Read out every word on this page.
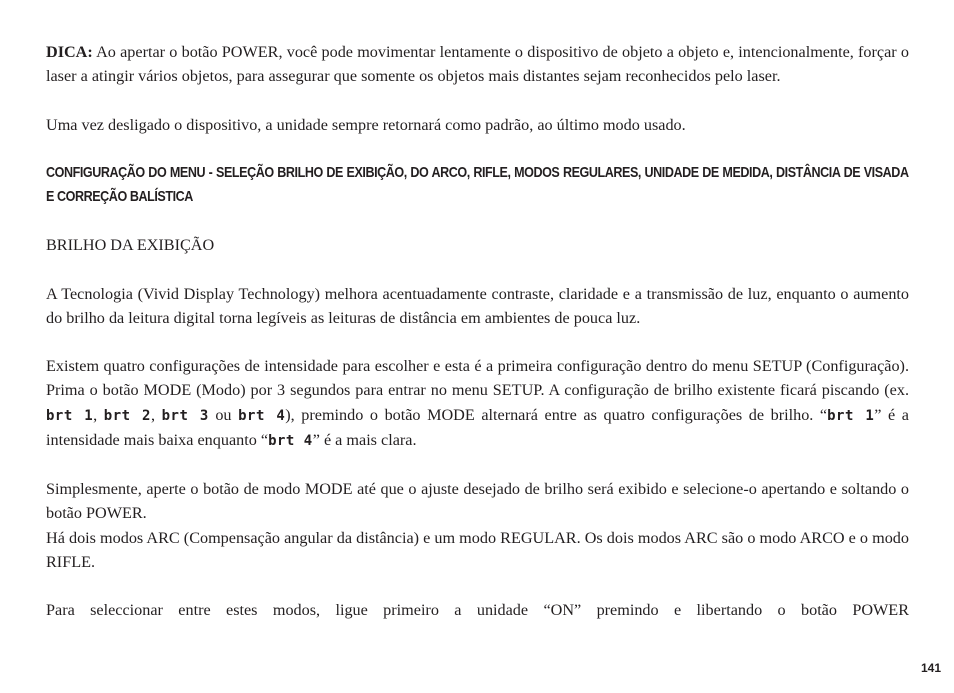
DICA: Ao apertar o botão POWER, você pode movimentar lentamente o dispositivo de objeto a objeto e, intencionalmente, forçar o laser a atingir vários objetos, para assegurar que somente os objetos mais distantes sejam reconhecidos pelo laser.

Uma vez desligado o dispositivo, a unidade sempre retornará como padrão, ao último modo usado.

CONFIGURAÇÃO DO MENU - SELEÇÃO BRILHO DE EXIBIÇÃO, DO ARCO, RIFLE, MODOS REGULARES, UNIDADE DE MEDIDA, DISTÂNCIA DE VISADA E CORREÇÃO BALÍSTICA

BRILHO DA EXIBIÇÃO

A Tecnologia (Vivid Display Technology) melhora acentuadamente contraste, claridade e a transmissão de luz, enquanto o aumento do brilho da leitura digital torna legíveis as leituras de distância em ambientes de pouca luz.

Existem quatro configurações de intensidade para escolher e esta é a primeira configuração dentro do menu SETUP (Configuração). Prima o botão MODE (Modo) por 3 segundos para entrar no menu SETUP. A configuração de brilho existente ficará piscando (ex. brt 1, brt 2, brt 3 ou brt 4), premindo o botão MODE alternará entre as quatro configurações de brilho. “brt 1” é a intensidade mais baixa enquanto “brt 4” é a mais clara.

Simplesmente, aperte o botão de modo MODE até que o ajuste desejado de brilho será exibido e selecione-o apertando e soltando o botão POWER.

Há dois modos ARC (Compensação angular da distância) e um modo REGULAR. Os dois modos ARC são o modo ARCO e o modo RIFLE.

Para seleccionar entre estes modos, ligue primeiro a unidade “ON” premindo e libertando o botão POWER

141
